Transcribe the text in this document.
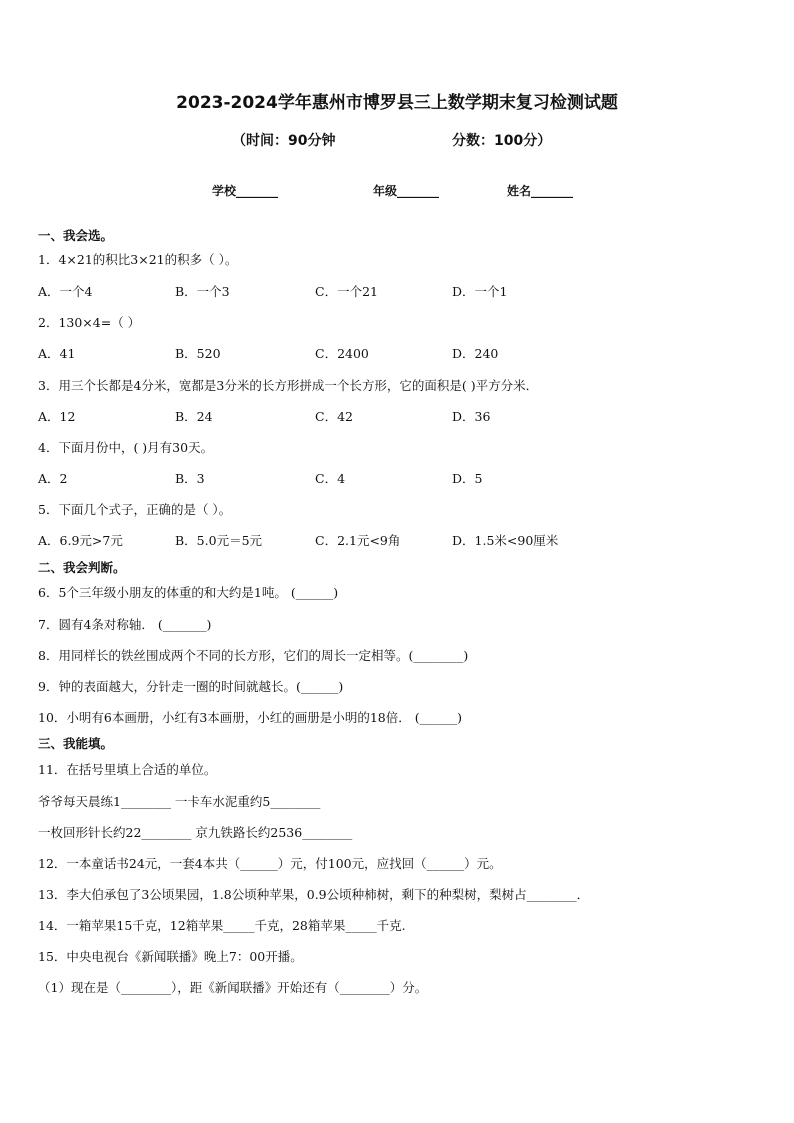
2023-2024学年惠州市博罗县三上数学期末复习检测试题
（时间：90分钟	分数：100分）
学校_______	年级_______	姓名_______
一、我会选。
1．4×21的积比3×21的积多（ ）。
A．一个4	B．一个3	C．一个21	D．一个1
2．130×4=（ ）
A．41	B．520	C．2400	D．240
3．用三个长都是4分米，宽都是3分米的长方形拼成一个长方形，它的面积是( )平方分米．
A．12	B．24	C．42	D．36
4．下面月份中，( )月有30天。
A．2	B．3	C．4	D．5
5．下面几个式子，正确的是（ ）。
A．6.9元>7元	B．5.0元＝5元	C．2.1元<9角	D．1.5米<90厘米
二、我会判断。
6．5个三年级小朋友的体重的和大约是1吨。 (______)
7．圆有4条对称轴． (_______)
8．用同样长的铁丝围成两个不同的长方形，它们的周长一定相等。(________)
9．钟的表面越大，分针走一圈的时间就越长。(______)
10．小明有6本画册，小红有3本画册，小红的画册是小明的18倍． (______)
三、我能填。
11．在括号里填上合适的单位。
爷爷每天晨练1________ 一卡车水泥重约5________
一枚回形针长约22________ 京九铁路长约2536________
12．一本童话书24元，一套4本共（______）元，付100元，应找回（______）元。
13．李大伯承包了3公顷果园，1.8公顷种苹果，0.9公顷种柿树，剩下的种梨树，梨树占________．
14．一箱苹果15千克，12箱苹果_____千克，28箱苹果_____千克.
15．中央电视台《新闻联播》晚上7：00开播。
（1）现在是（________），距《新闻联播》开始还有（________）分。
